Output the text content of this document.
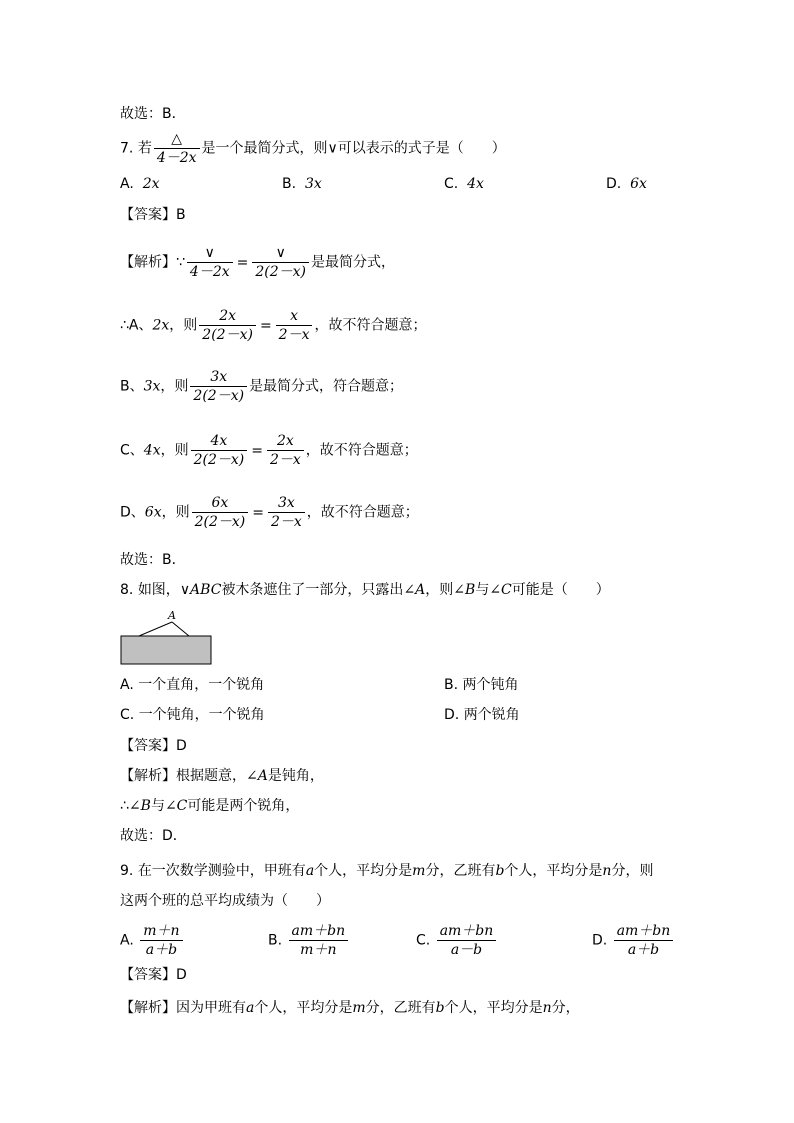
故选：B．
7. 若 $\frac{\triangle}{4-2x}$ 是一个最简分式，则∨可以表示的式子是（　　）
A. 2x	B. 3x	C. 4x	D. 6x
【答案】B
【解析】∵ $\frac{\vee}{4-2x} = \frac{\vee}{2(2-x)}$ 是最简分式，
∴A、2x，则 $\frac{2x}{2(2-x)} = \frac{x}{2-x}$ ，故不符合题意；
B、3x，则 $\frac{3x}{2(2-x)}$ 是最简分式，符合题意；
C、4x，则 $\frac{4x}{2(2-x)} = \frac{2x}{2-x}$ ，故不符合题意；
D、6x，则 $\frac{6x}{2(2-x)} = \frac{3x}{2-x}$ ，故不符合题意；
故选：B．
8. 如图，∨ABC被木条遮住了一部分，只露出∠A，则∠B与∠C可能是（　　）
A
A. 一个直角，一个锐角	B. 两个钝角
C. 一个钝角，一个锐角	D. 两个锐角
【答案】D
【解析】根据题意，∠A是钝角，
∴∠B与∠C可能是两个锐角，
故选：D．
9. 在一次数学测验中，甲班有a个人，平均分是m分，乙班有b个人，平均分是n分，则
这两个班的总平均成绩为（　　）
A. $\frac{m+n}{a+b}$	B. $\frac{am+bn}{m+n}$	C. $\frac{am+bn}{a-b}$	D. $\frac{am+bn}{a+b}$
【答案】D
【解析】因为甲班有a个人，平均分是m分，乙班有b个人，平均分是n分，
